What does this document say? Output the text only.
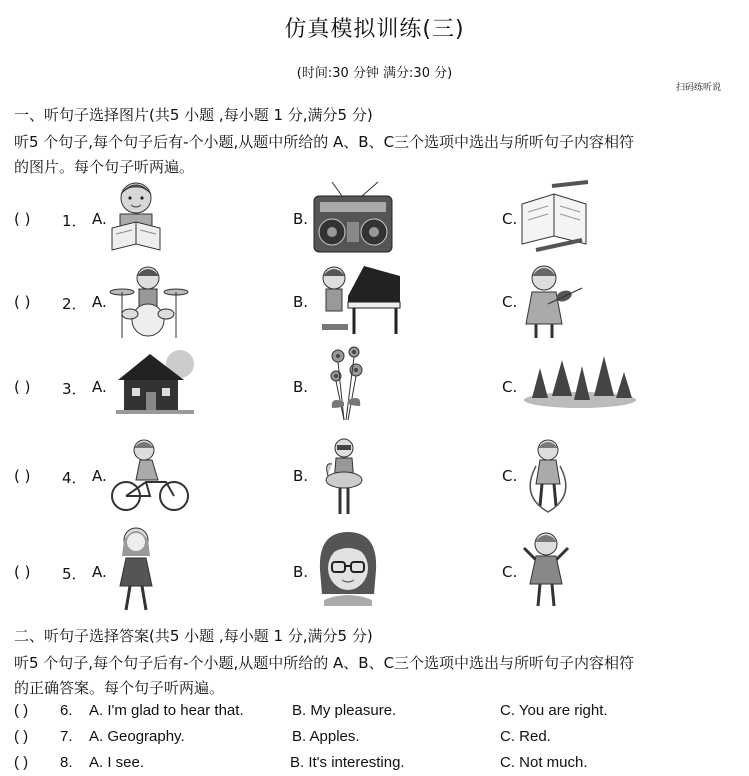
仿真模拟训练(三)
(时间:30 分钟 满分:30 分)
扫码练听说
一、听句子选择图片(共5 小题 ,每小题 1 分,满分5 分)
听5 个句子,每个句子后有-个小题,从题中所给的 A、B、C三个选项中选出与所听句子内容相符
的图片。每个句子听两遍。
( ) 1． A.	B.	C.
( ) 2． A.	B.	C.
( ) 3． A.	B.	C.
( ) 4． A.	B.	C.
( ) 5． A.	B.	C.
二、听句子选择答案(共5 小题 ,每小题 1 分,满分5 分)
听5 个句子,每个句子后有-个小题,从题中所给的 A、B、C三个选项中选出与所听句子内容相符
的正确答案。每个句子听两遍。
( ) 6. A. I'm glad to hear that.	B. My pleasure.	C. You are right.
( ) 7. A. Geography.	B. Apples.	C. Red.
( ) 8. A. I see.	B. It's interesting.	C. Not much.
